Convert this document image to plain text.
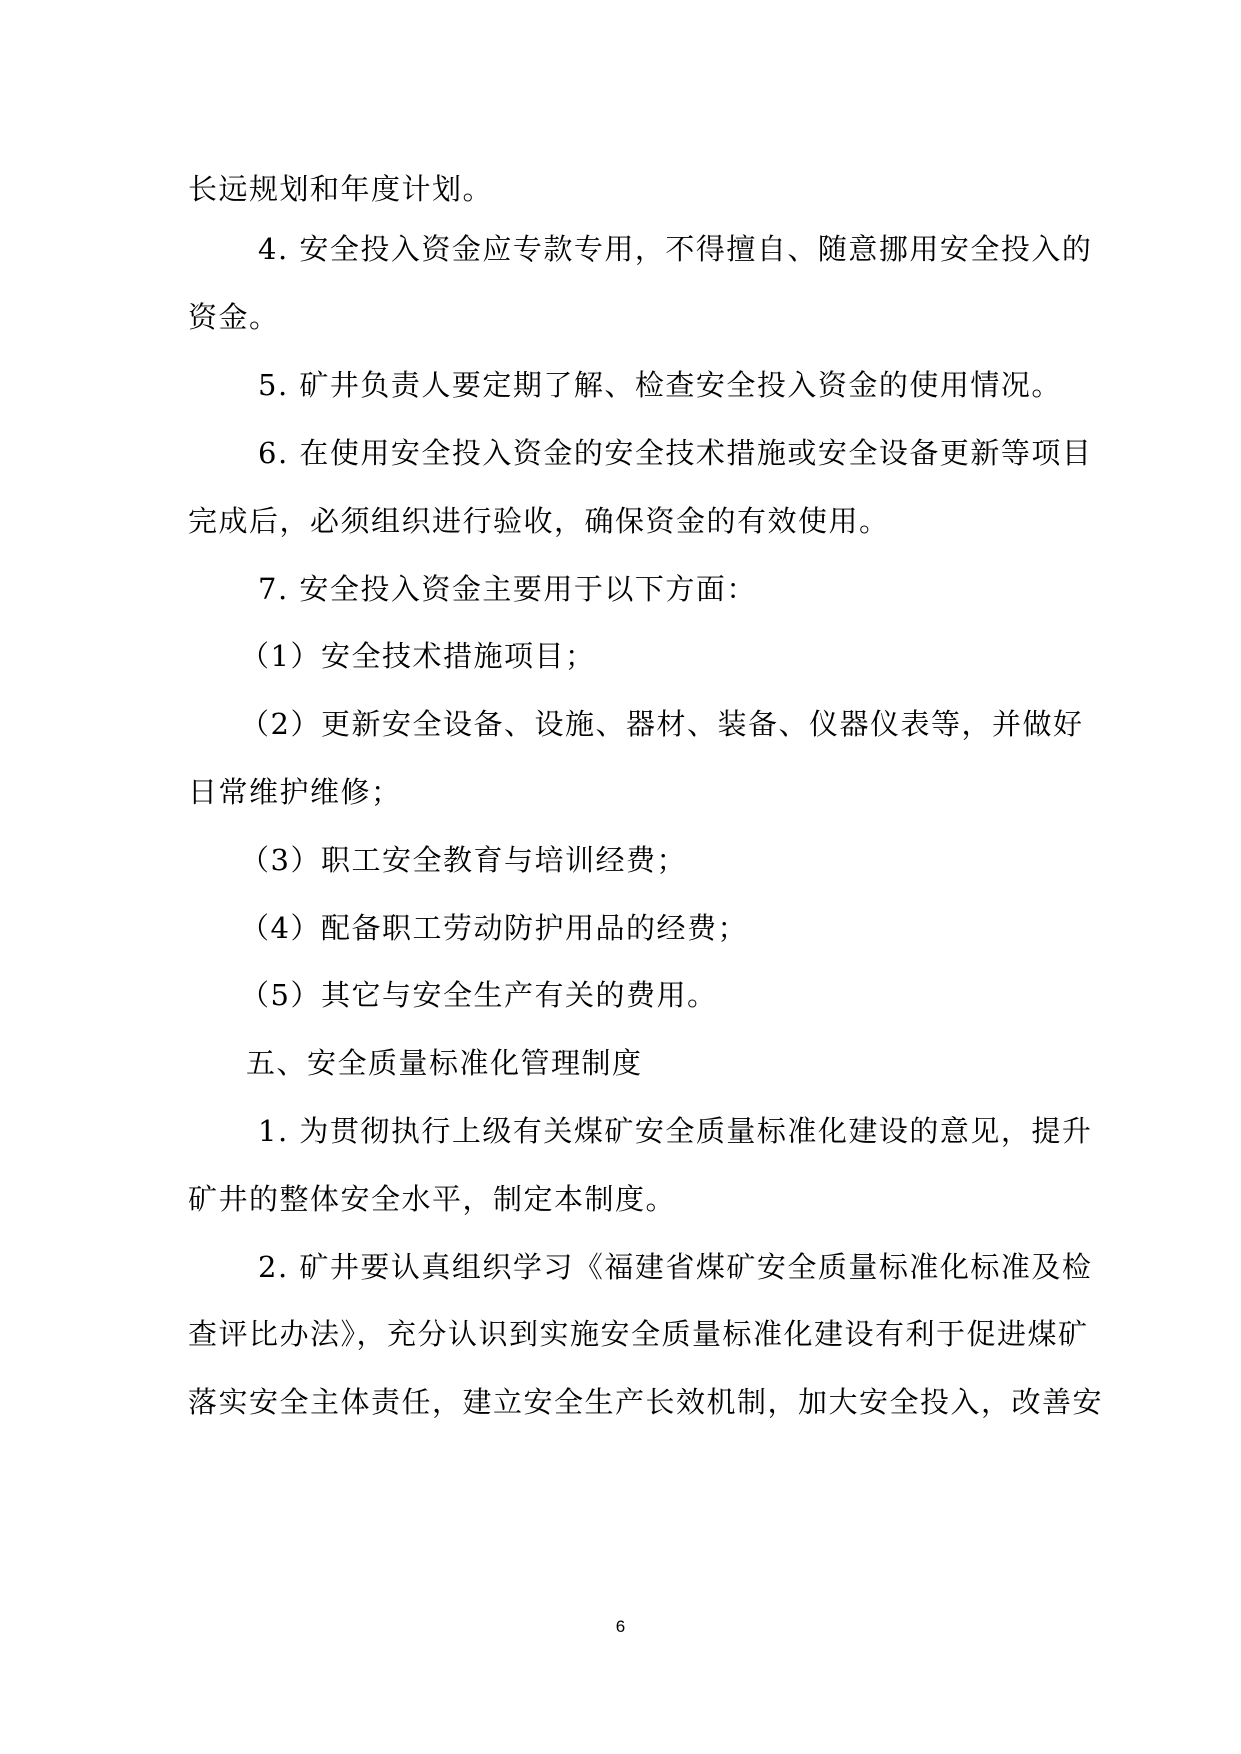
长远规划和年度计划。

4. 安全投入资金应专款专用，不得擅自、随意挪用安全投入的

资金。

5. 矿井负责人要定期了解、检查安全投入资金的使用情况。

6. 在使用安全投入资金的安全技术措施或安全设备更新等项目

完成后，必须组织进行验收，确保资金的有效使用。

7. 安全投入资金主要用于以下方面：

（1）安全技术措施项目；

（2）更新安全设备、设施、器材、装备、仪器仪表等，并做好

日常维护维修；

（3）职工安全教育与培训经费；

（4）配备职工劳动防护用品的经费；

（5）其它与安全生产有关的费用。

五、安全质量标准化管理制度

1. 为贯彻执行上级有关煤矿安全质量标准化建设的意见，提升

矿井的整体安全水平，制定本制度。

2. 矿井要认真组织学习《福建省煤矿安全质量标准化标准及检

查评比办法》，充分认识到实施安全质量标准化建设有利于促进煤矿

落实安全主体责任，建立安全生产长效机制，加大安全投入，改善安

6
